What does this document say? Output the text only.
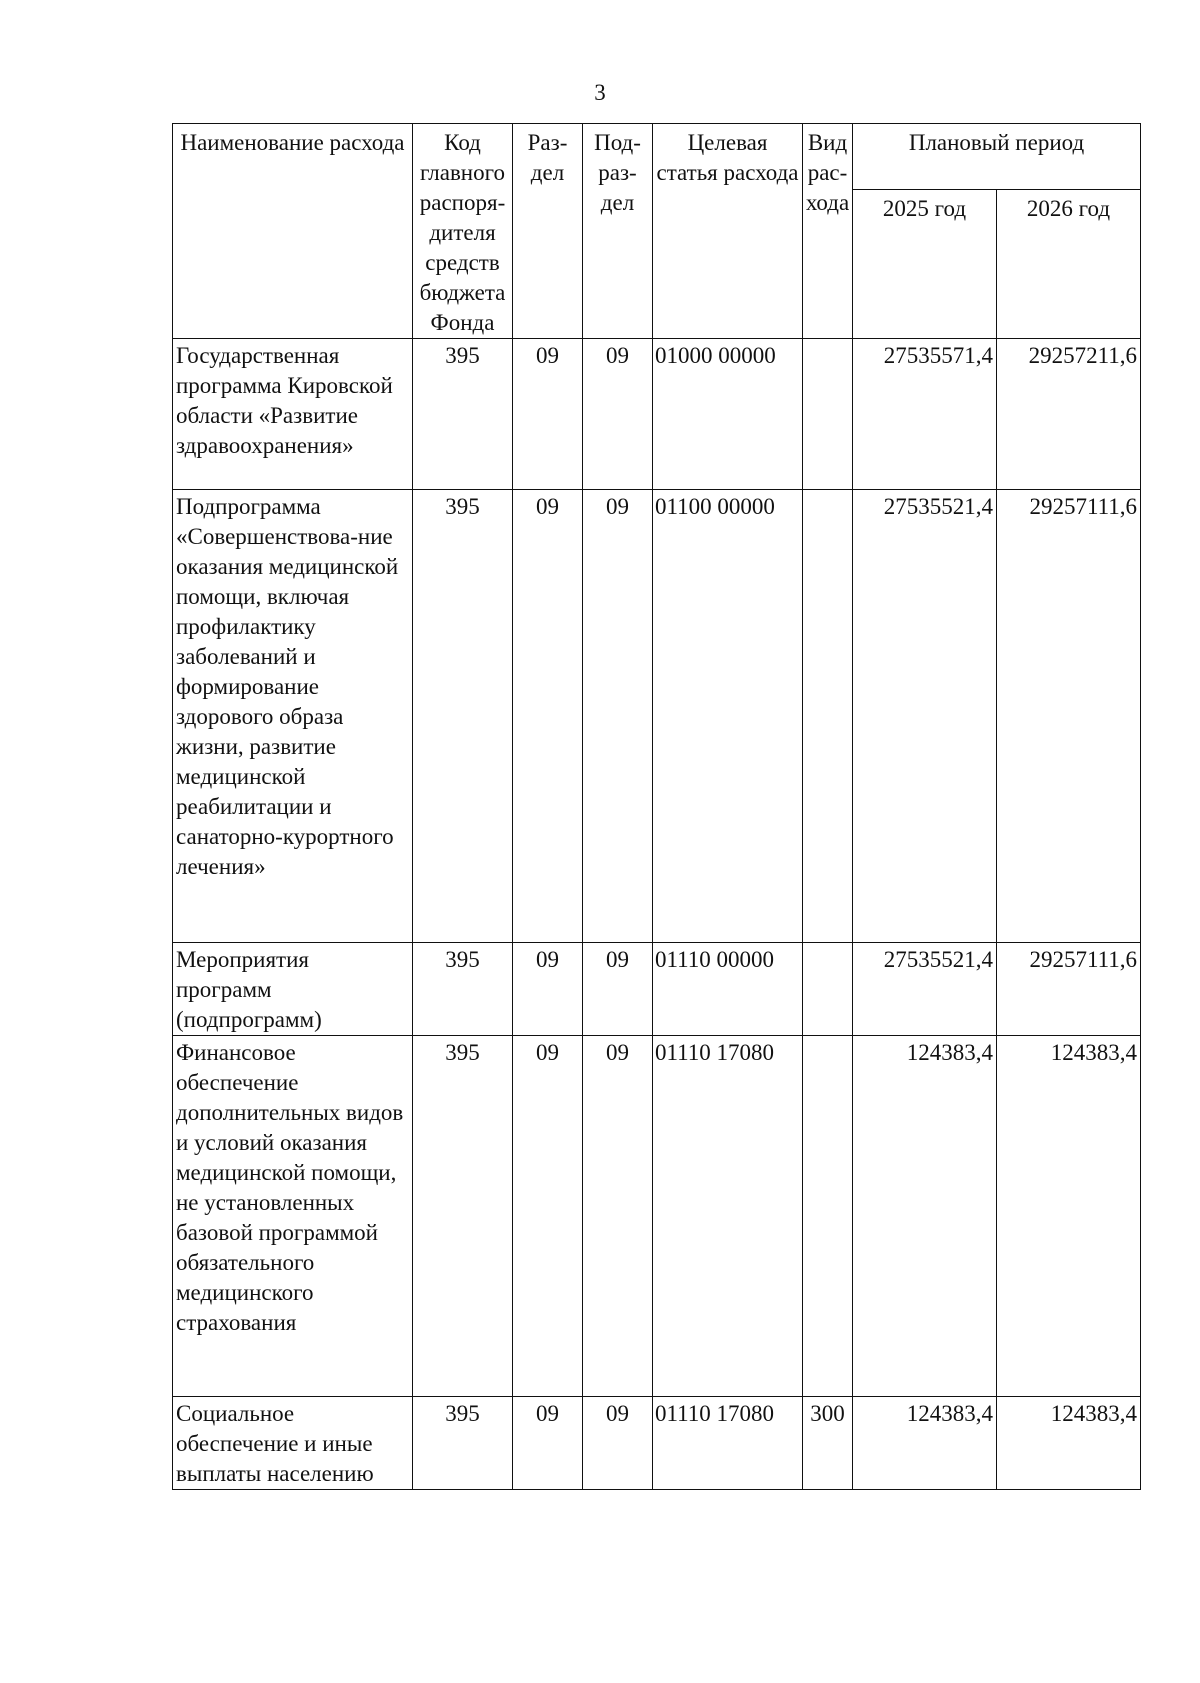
3
Наименование расхода	Код главного распоря-дителя средств бюджета Фонда	Раз-дел	Под-раз-дел	Целевая статья расхода	Вид рас-хода	Плановый период	
						2025 год	2026 год
Государственная программа Кировской области «Развитие здравоохранения»	395	09	09	01000 00000		27535571,4	29257211,6
Подпрограмма «Совершенствова-ние оказания медицинской помощи, включая профилактику заболеваний и формирование здорового образа жизни, развитие медицинской реабилитации и санаторно-курортного лечения»	395	09	09	01100 00000		27535521,4	29257111,6
Мероприятия программ (подпрограмм)	395	09	09	01110 00000		27535521,4	29257111,6
Финансовое обеспечение дополнительных видов и условий оказания медицинской помощи, не установленных базовой программой обязательного медицинского страхования	395	09	09	01110 17080		124383,4	124383,4
Социальное обеспечение и иные выплаты населению	395	09	09	01110 17080	300	124383,4	124383,4
